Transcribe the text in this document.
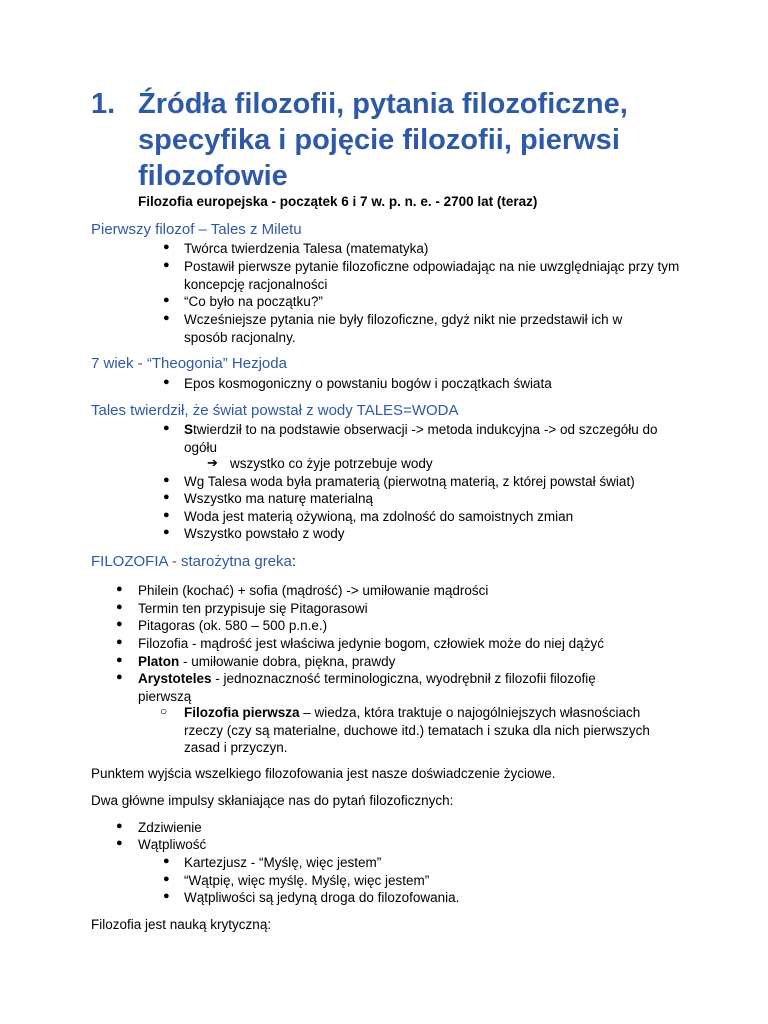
1. Źródła filozofii, pytania filozoficzne, specyfika i pojęcie filozofii, pierwsi filozofowie
Filozofia europejska - początek 6 i 7 w. p. n. e. - 2700 lat (teraz)
Pierwszy filozof – Tales z Miletu
● Twórca twierdzenia Talesa (matematyka)
● Postawił pierwsze pytanie filozoficzne odpowiadając na nie uwzględniając przy tym koncepcję racjonalności
● “Co było na początku?”
● Wcześniejsze pytania nie były filozoficzne, gdyż nikt nie przedstawił ich w sposób racjonalny.
7 wiek - “Theogonia” Hezjoda
● Epos kosmogoniczny o powstaniu bogów i początkach świata
Tales twierdził, że świat powstał z wody TALES=WODA
● Stwierdził to na podstawie obserwacji -> metoda indukcyjna -> od szczegółu do ogółu
➔ wszystko co żyje potrzebuje wody
● Wg Talesa woda była pramaterią (pierwotną materią, z której powstał świat)
● Wszystko ma naturę materialną
● Woda jest materią ożywioną, ma zdolność do samoistnych zmian
● Wszystko powstało z wody
FILOZOFIA - starożytna greka:
● Philein (kochać) + sofia (mądrość) -> umiłowanie mądrości
● Termin ten przypisuje się Pitagorasowi
● Pitagoras (ok. 580 – 500 p.n.e.)
● Filozofia - mądrość jest właściwa jedynie bogom, człowiek może do niej dążyć
● Platon - umiłowanie dobra, piękna, prawdy
● Arystoteles - jednoznaczność terminologiczna, wyodrębnił z filozofii filozofię pierwszą
○ Filozofia pierwsza – wiedza, która traktuje o najogólniejszych własnościach rzeczy (czy są materialne, duchowe itd.) tematach i szuka dla nich pierwszych zasad i przyczyn.
Punktem wyjścia wszelkiego filozofowania jest nasze doświadczenie życiowe.
Dwa główne impulsy skłaniające nas do pytań filozoficznych:
● Zdziwienie
● Wątpliwość
● Kartezjusz - “Myślę, więc jestem”
● “Wątpię, więc myślę. Myślę, więc jestem”
● Wątpliwości są jedyną droga do filozofowania.
Filozofia jest nauką krytyczną:
